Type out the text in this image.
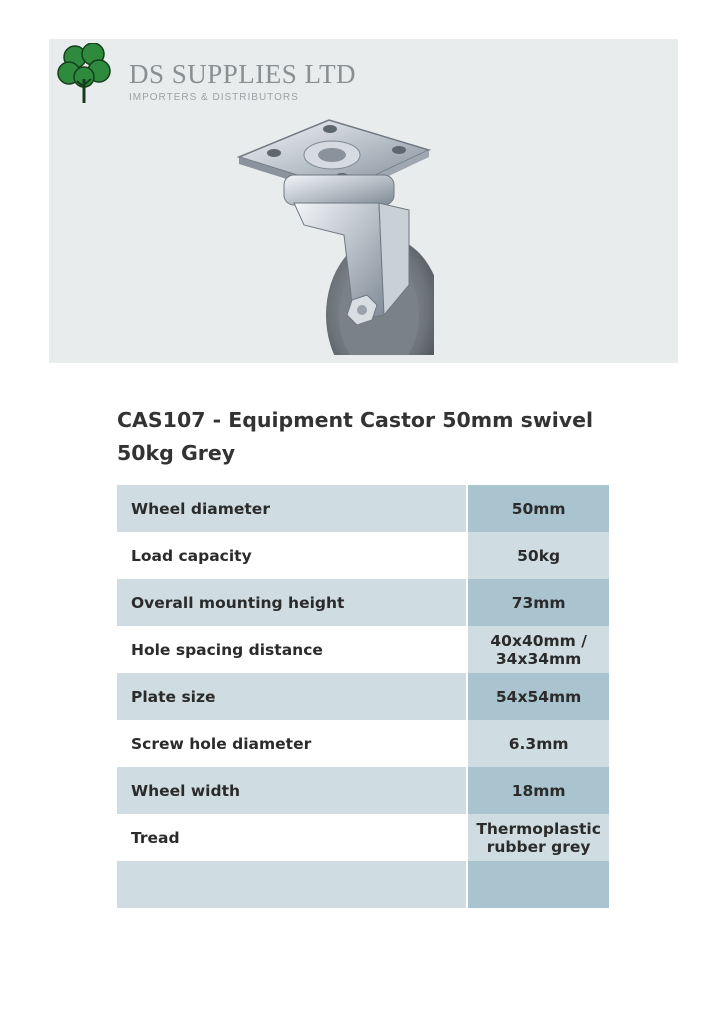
DS SUPPLIES LTD
IMPORTERS & DISTRIBUTORS
CAS107 - Equipment Castor 50mm swivel 50kg Grey
Wheel diameter	50mm
Load capacity	50kg
Overall mounting height	73mm
Hole spacing distance	40x40mm / 34x34mm
Plate size	54x54mm
Screw hole diameter	6.3mm
Wheel width	18mm
Tread	Thermoplastic rubber grey
